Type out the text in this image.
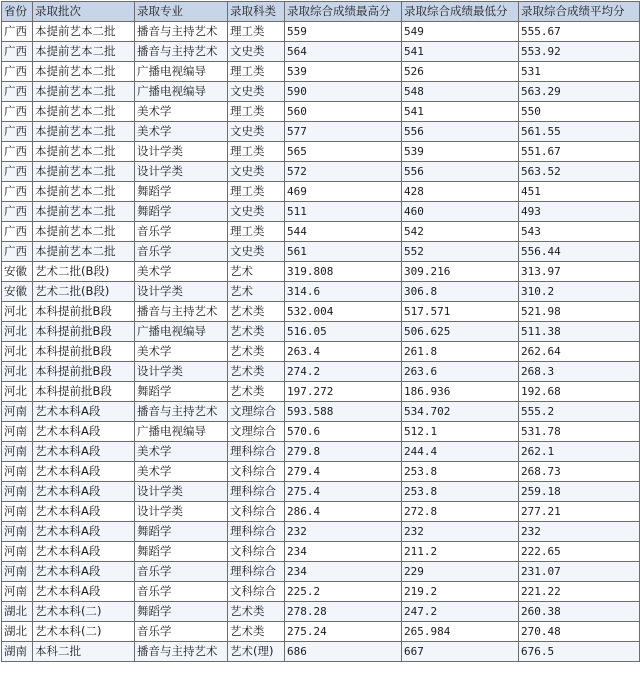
省份	录取批次	录取专业	录取科类	录取综合成绩最高分	录取综合成绩最低分	录取综合成绩平均分
广西	本提前艺本二批	播音与主持艺术	理工类	559	549	555.67
广西	本提前艺本二批	播音与主持艺术	文史类	564	541	553.92
广西	本提前艺本二批	广播电视编导	理工类	539	526	531
广西	本提前艺本二批	广播电视编导	文史类	590	548	563.29
广西	本提前艺本二批	美术学	理工类	560	541	550
广西	本提前艺本二批	美术学	文史类	577	556	561.55
广西	本提前艺本二批	设计学类	理工类	565	539	551.67
广西	本提前艺本二批	设计学类	文史类	572	556	563.52
广西	本提前艺本二批	舞蹈学	理工类	469	428	451
广西	本提前艺本二批	舞蹈学	文史类	511	460	493
广西	本提前艺本二批	音乐学	理工类	544	542	543
广西	本提前艺本二批	音乐学	文史类	561	552	556.44
安徽	艺术二批(B段)	美术学	艺术	319.808	309.216	313.97
安徽	艺术二批(B段)	设计学类	艺术	314.6	306.8	310.2
河北	本科提前批B段	播音与主持艺术	艺术类	532.004	517.571	521.98
河北	本科提前批B段	广播电视编导	艺术类	516.05	506.625	511.38
河北	本科提前批B段	美术学	艺术类	263.4	261.8	262.64
河北	本科提前批B段	设计学类	艺术类	274.2	263.6	268.3
河北	本科提前批B段	舞蹈学	艺术类	197.272	186.936	192.68
河南	艺术本科A段	播音与主持艺术	文理综合	593.588	534.702	555.2
河南	艺术本科A段	广播电视编导	文理综合	570.6	512.1	531.78
河南	艺术本科A段	美术学	理科综合	279.8	244.4	262.1
河南	艺术本科A段	美术学	文科综合	279.4	253.8	268.73
河南	艺术本科A段	设计学类	理科综合	275.4	253.8	259.18
河南	艺术本科A段	设计学类	文科综合	286.4	272.8	277.21
河南	艺术本科A段	舞蹈学	理科综合	232	232	232
河南	艺术本科A段	舞蹈学	文科综合	234	211.2	222.65
河南	艺术本科A段	音乐学	理科综合	234	229	231.07
河南	艺术本科A段	音乐学	文科综合	225.2	219.2	221.22
湖北	艺术本科(二)	舞蹈学	艺术类	278.28	247.2	260.38
湖北	艺术本科(二)	音乐学	艺术类	275.24	265.984	270.48
湖南	本科二批	播音与主持艺术	艺术(理)	686	667	676.5
